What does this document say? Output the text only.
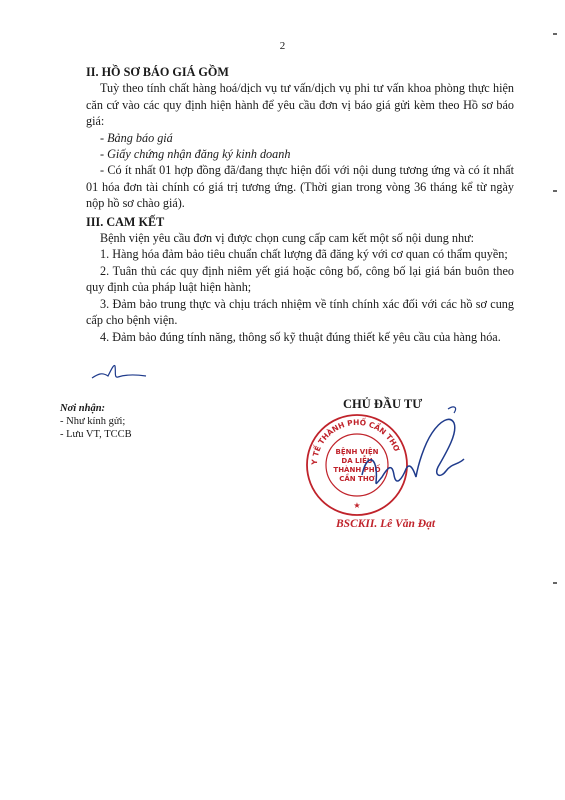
2

II. HỒ SƠ BÁO GIÁ GỒM

Tuỳ theo tính chất hàng hoá/dịch vụ tư vấn/dịch vụ phi tư vấn khoa phòng thực hiện căn cứ vào các quy định hiện hành để yêu cầu đơn vị báo giá gửi kèm theo Hồ sơ báo giá:

- Bảng báo giá

- Giấy chứng nhận đăng ký kinh doanh

- Có ít nhất 01 hợp đồng đã/đang thực hiện đối với nội dung tương ứng và có ít nhất 01 hóa đơn tài chính có giá trị tương ứng. (Thời gian trong vòng 36 tháng kể từ ngày nộp hồ sơ chào giá).

III. CAM KẾT

Bệnh viện yêu cầu đơn vị được chọn cung cấp cam kết một số nội dung như:

1. Hàng hóa đảm bảo tiêu chuẩn chất lượng đã đăng ký với cơ quan có thẩm quyền;

2. Tuân thủ các quy định niêm yết giá hoặc công bố, công bố lại giá bán buôn theo quy định của pháp luật hiện hành;

3. Đảm bảo trung thực và chịu trách nhiệm về tính chính xác đối với các hồ sơ cung cấp cho bệnh viện.

4. Đảm bảo đúng tính năng, thông số kỹ thuật đúng thiết kế yêu cầu của hàng hóa.

Nơi nhận:
- Như kính gửi;
- Lưu VT, TCCB
CHỦ ĐẦU TƯ
Y TẾ THÀNH PHỐ CẦN THƠ
BỆNH VIỆN
DA LIỄU
THÀNH PHỐ
CẦN THƠ
★
BSCKII. Lê Văn Đạt
